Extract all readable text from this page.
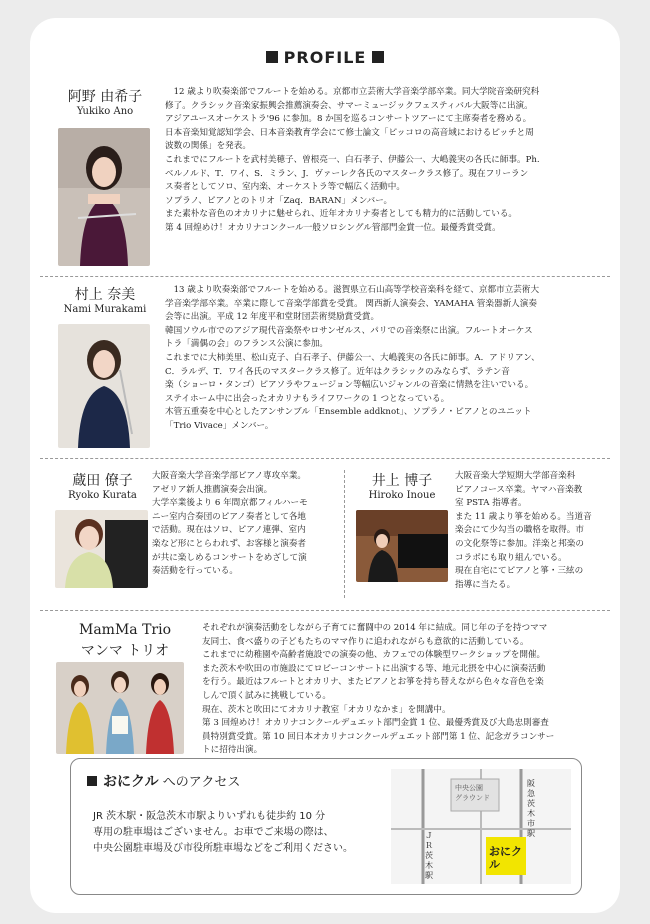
PROFILE
阿野 由希子
Yukiko Ano

　12 歳より吹奏楽部でフルートを始める。京都市立芸術大学音楽学部卒業。同大学院音楽研究科

修了。クラシック音楽家振興会推薦演奏会、サマーミュージックフェスティバル大阪等に出演。

アジアユースオーケストラ'96 に参加。8 か国を巡るコンサートツアーにて主席奏者を務める。

日本音楽知覚認知学会、日本音楽教育学会にて修士論文「ピッコロの高音域におけるピッチと周

波数の関係」を発表。

これまでにフルートを武村美穂子、曽根亮一、白石孝子、伊藤公一、大嶋義実の各氏に師事。Ph.

ベルノルド、T．ワイ、S．ミラン、J．ヴァーレク各氏のマスタークラス修了。現在フリーラン

ス奏者としてソロ、室内楽、オーケストラ等で幅広く活動中。

ソプラノ、ピアノとのトリオ「Zaq．BARAN」メンバー。

また素朴な音色のオカリナに魅せられ、近年オカリナ奏者としても精力的に活動している。

第 4 回煌めけ！オカリナコンクール一般ソロシングル管部門金賞一位。最優秀賞受賞。

村上 奈美
Nami Murakami

　13 歳より吹奏楽部でフルートを始める。滋賀県立石山高等学校音楽科を経て、京都市立芸術大

学音楽学部卒業。卒業に際して音楽学部賞を受賞。 関西新人演奏会、YAMAHA 管楽器新人演奏

会等に出演。平成 12 年度平和堂財団芸術奨励賞受賞。

韓国ソウル市でのアジア現代音楽祭やロサンゼルス、パリでの音楽祭に出演。フルートオーケス

トラ「満偶の会」のフランス公演に参加。

これまでに大柿美里、松山克子、白石孝子、伊藤公一、大嶋義実の各氏に師事。A．アドリアン、

C．ラルデ、T．ワイ各氏のマスタークラス修了。近年はクラシックのみならず、ラテン音

楽（ショーロ・タンゴ）ピアソラやフュージョン等幅広いジャンルの音楽に情熱を注いでいる。

ステイホーム中に出会ったオカリナもライフワークの 1 つとなっている。

木管五重奏を中心としたアンサンブル「Ensemble addknot」、ソプラノ・ピアノとのユニット

「Trio Vivace」メンバー。

蔵田 僚子
Ryoko Kurata

大阪音楽大学音楽学部ピアノ専攻卒業。

アゼリア新人推薦演奏会出演。

大学卒業後より 6 年間京都フィルハーモ

ニー室内合奏団のピアノ奏者として各地

で活動。現在はソロ、ピアノ連弾、室内

楽など形にとらわれず、お客様と演奏者

が共に楽しめるコンサートをめざして演

奏活動を行っている。

井上 博子
Hiroko Inoue

大阪音楽大学短期大学部音楽科

ピアノコース卒業。ヤマハ音楽教

室 PSTA 指導者。

また 11 歳より箏を始める。当道音

楽会にて少勾当の職格を取得。市

の文化祭等に参加。洋楽と邦楽の

コラボにも取り組んでいる。

現在自宅にてピアノと箏・三絃の

指導に当たる。

MamMa Trio
マンマ トリオ

それぞれが演奏活動をしながら子育てに奮闘中の 2014 年に結成。同じ年の子を持つママ

友同士、食べ盛りの子どもたちのママ作りに追われながらも意欲的に活動している。

これまでに幼稚園や高齢者施設での演奏の他、カフェでの体験型ワークショップを開催。

また茨木や吹田の市施設にてロビーコンサートに出演する等、地元北摂を中心に演奏活動

を行う。最近はフルートとオカリナ、またピアノとお箏を持ち替えながら色々な音色を楽

しんで頂く試みに挑戦している。

現在、茨木と吹田にてオカリナ教室「オカリなかま」を開講中。

第 3 回煌めけ！オカリナコンクールデュエット部門金賞 1 位、最優秀賞及び大島忠則審査

員特別賞受賞。第 10 回日本オカリナコンクールデュエット部門第 1 位、記念ガラコンサー

トに招待出演。

おにクル へのアクセス

JR 茨木駅・阪急茨木市駅よりいずれも徒歩約 10 分

専用の駐車場はございません。お車でご来場の際は、

中央公園駐車場及び市役所駐車場などをご利用ください。

中央公園
グラウンド
おにクル
ＪＲ茨木駅
阪急茨木市駅
